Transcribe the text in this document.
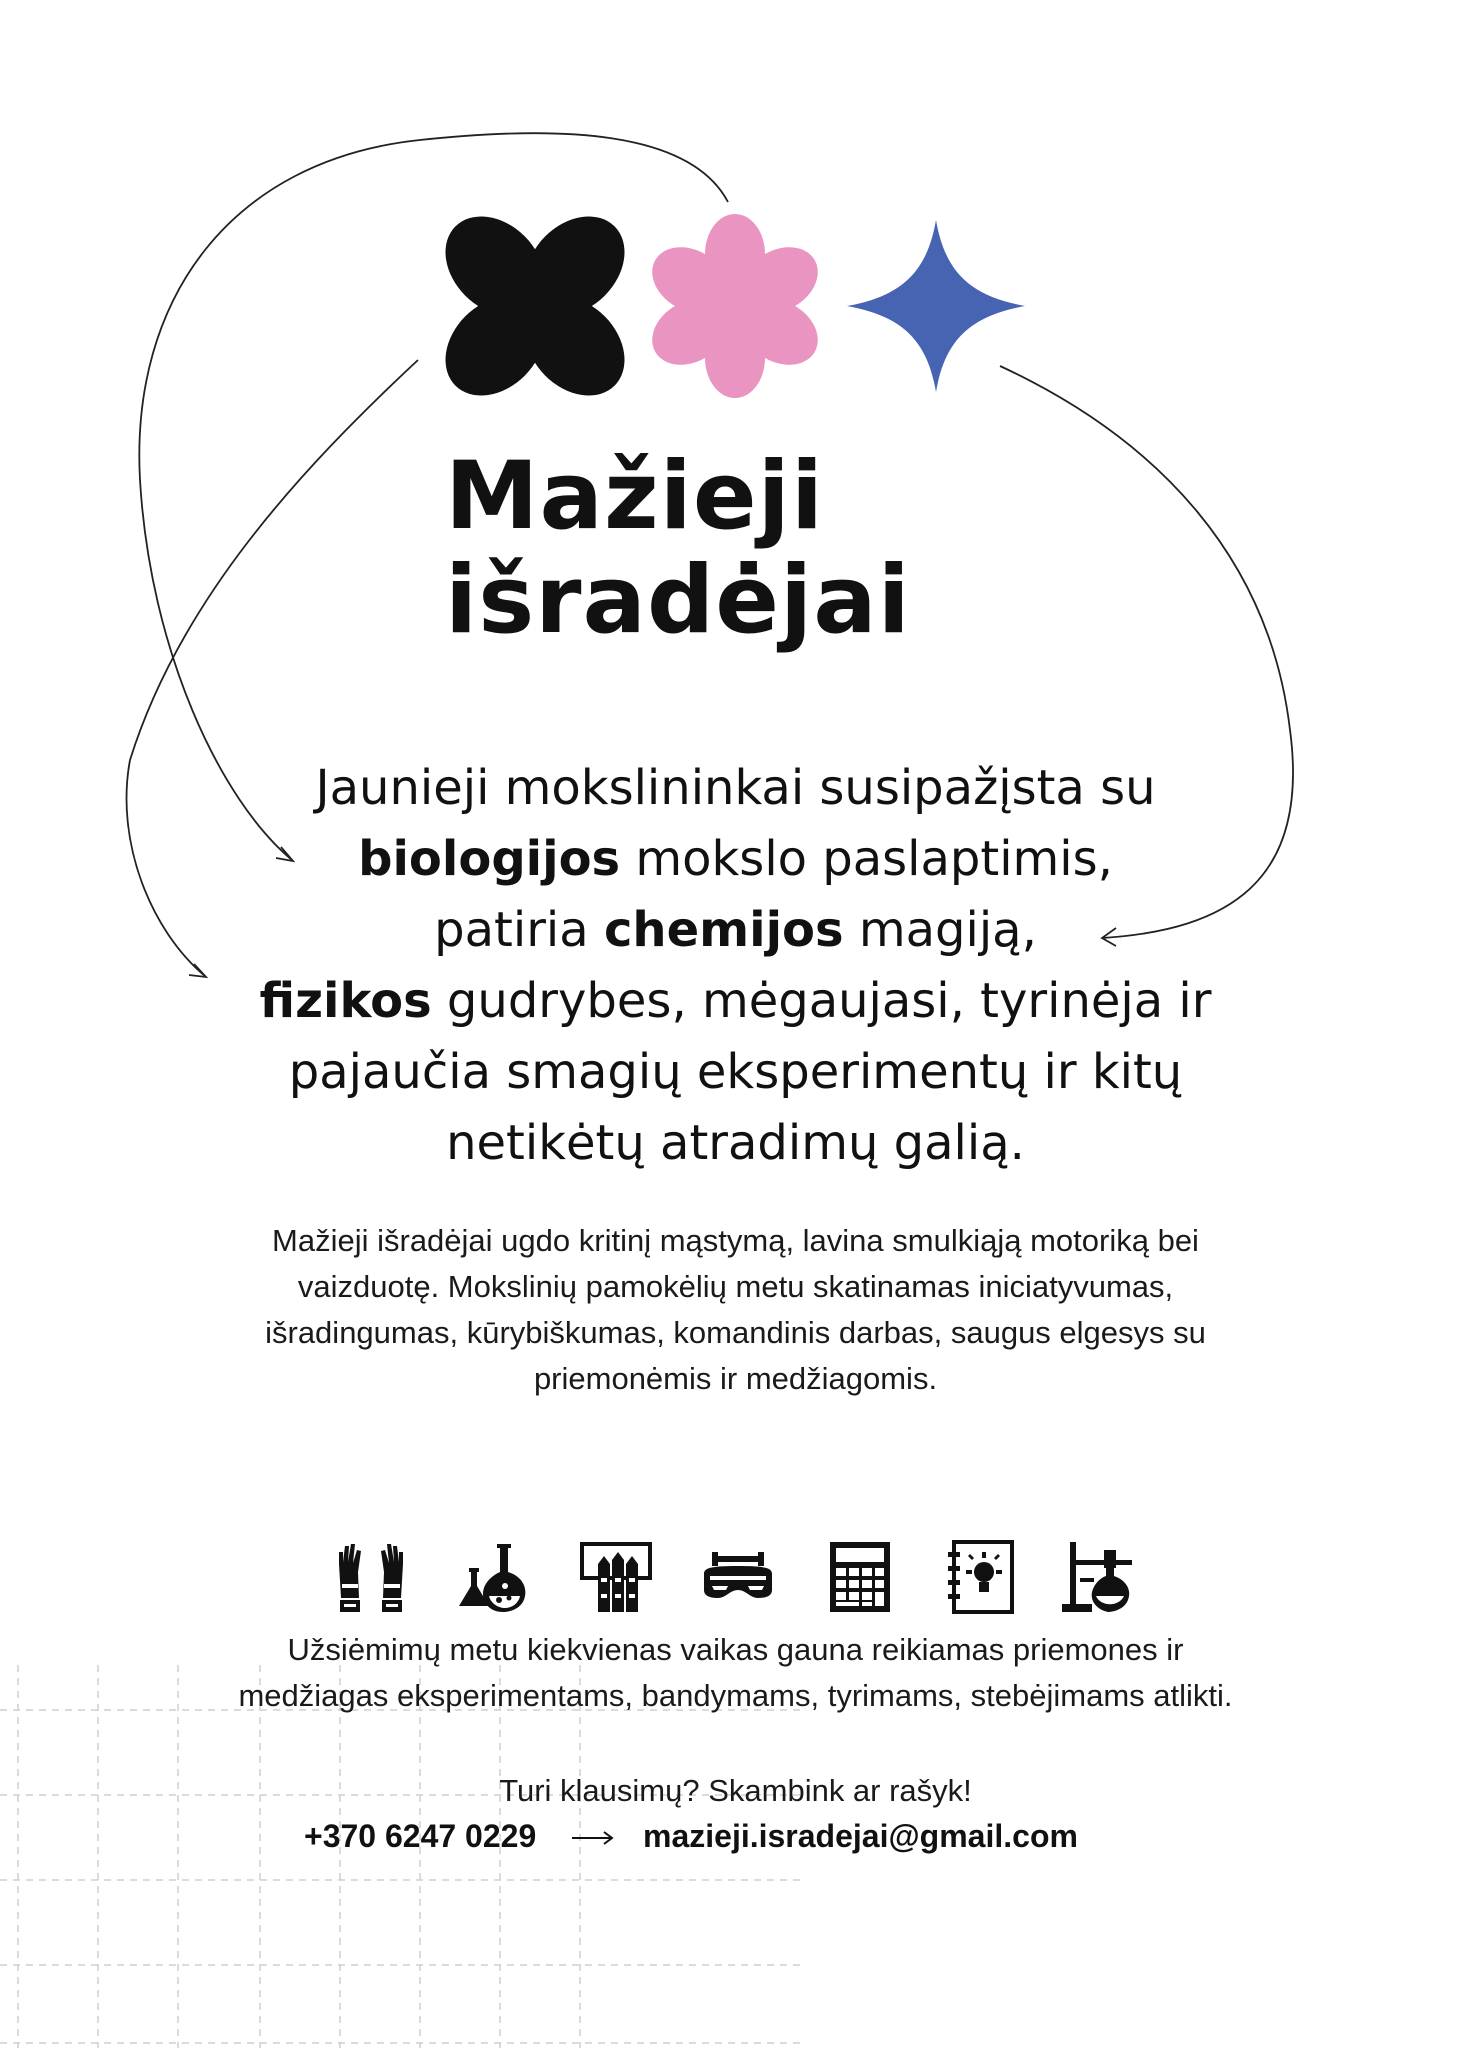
Mažieji
išradėjai
Jaunieji mokslininkai susipažįsta su
biologijos mokslo paslaptimis,
patiria chemijos magiją,
fizikos gudrybes, mėgaujasi, tyrinėja ir
pajaučia smagių eksperimentų ir kitų
netikėtų atradimų galią.
Mažieji išradėjai ugdo kritinį mąstymą, lavina smulkiąją motoriką bei
vaizduotę. Mokslinių pamokėlių metu skatinamas iniciatyvumas,
išradingumas, kūrybiškumas, komandinis darbas, saugus elgesys su
priemonėmis ir medžiagomis.
Užsiėmimų metu kiekvienas vaikas gauna reikiamas priemones ir
medžiagas eksperimentams, bandymams, tyrimams, stebėjimams atlikti.
Turi klausimų? Skambink ar rašyk!
+370 6247 0229	mazieji.isradejai@gmail.com
